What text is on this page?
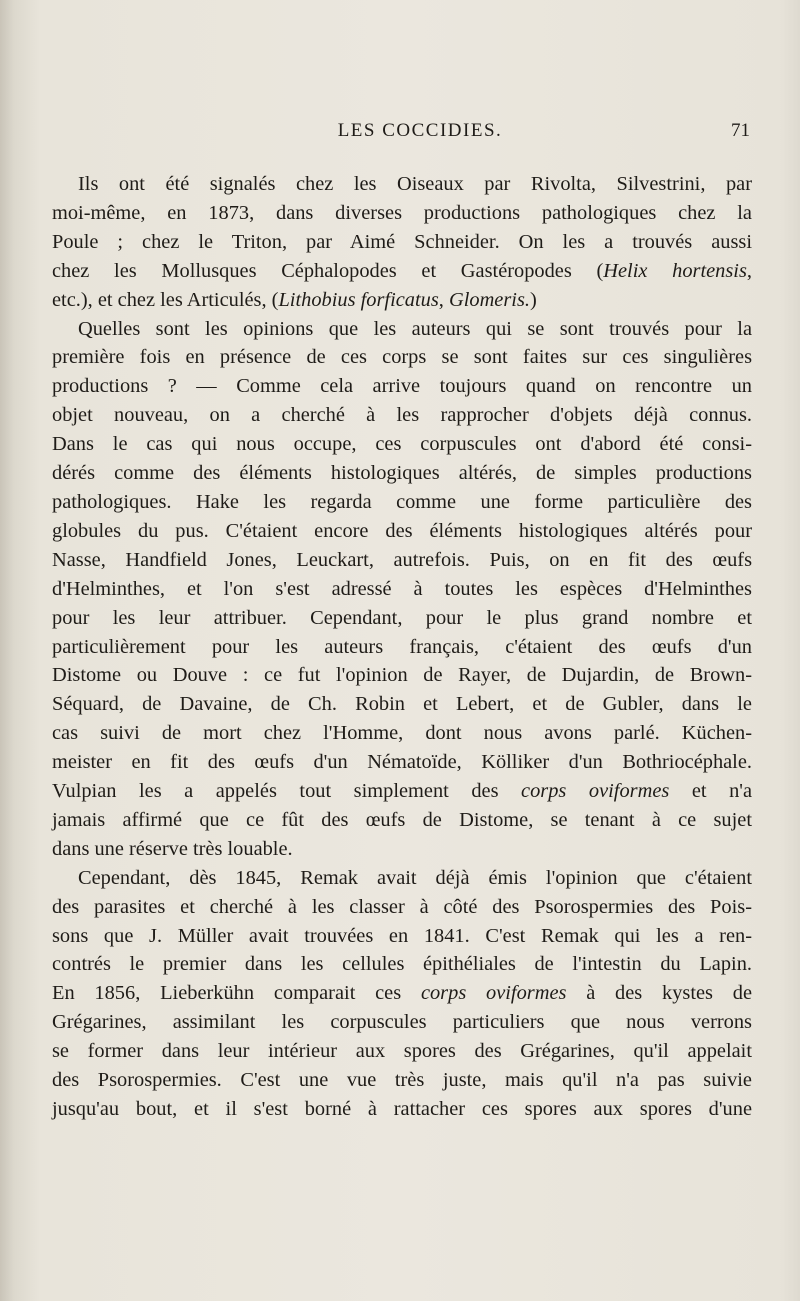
LES COCCIDIES.	71
Ils ont été signalés chez les Oiseaux par Rivolta, Silvestrini, par
moi-même, en 1873, dans diverses productions pathologiques chez la
Poule ; chez le Triton, par Aimé Schneider. On les a trouvés aussi
chez les Mollusques Céphalopodes et Gastéropodes (Helix hortensis,
etc.), et chez les Articulés, (Lithobius forficatus, Glomeris.)
Quelles sont les opinions que les auteurs qui se sont trouvés pour la
première fois en présence de ces corps se sont faites sur ces singulières
productions ? — Comme cela arrive toujours quand on rencontre un
objet nouveau, on a cherché à les rapprocher d'objets déjà connus.
Dans le cas qui nous occupe, ces corpuscules ont d'abord été consi-
dérés comme des éléments histologiques altérés, de simples productions
pathologiques. Hake les regarda comme une forme particulière des
globules du pus. C'étaient encore des éléments histologiques altérés pour
Nasse, Handfield Jones, Leuckart, autrefois. Puis, on en fit des œufs
d'Helminthes, et l'on s'est adressé à toutes les espèces d'Helminthes
pour les leur attribuer. Cependant, pour le plus grand nombre et
particulièrement pour les auteurs français, c'étaient des œufs d'un
Distome ou Douve : ce fut l'opinion de Rayer, de Dujardin, de Brown-
Séquard, de Davaine, de Ch. Robin et Lebert, et de Gubler, dans le
cas suivi de mort chez l'Homme, dont nous avons parlé. Küchen-
meister en fit des œufs d'un Nématoïde, Kölliker d'un Bothriocéphale.
Vulpian les a appelés tout simplement des corps oviformes et n'a
jamais affirmé que ce fût des œufs de Distome, se tenant à ce sujet
dans une réserve très louable.
Cependant, dès 1845, Remak avait déjà émis l'opinion que c'étaient
des parasites et cherché à les classer à côté des Psorospermies des Pois-
sons que J. Müller avait trouvées en 1841. C'est Remak qui les a ren-
contrés le premier dans les cellules épithéliales de l'intestin du Lapin.
En 1856, Lieberkühn comparait ces corps oviformes à des kystes de
Grégarines, assimilant les corpuscules particuliers que nous verrons
se former dans leur intérieur aux spores des Grégarines, qu'il appelait
des Psorospermies. C'est une vue très juste, mais qu'il n'a pas suivie
jusqu'au bout, et il s'est borné à rattacher ces spores aux spores d'une
